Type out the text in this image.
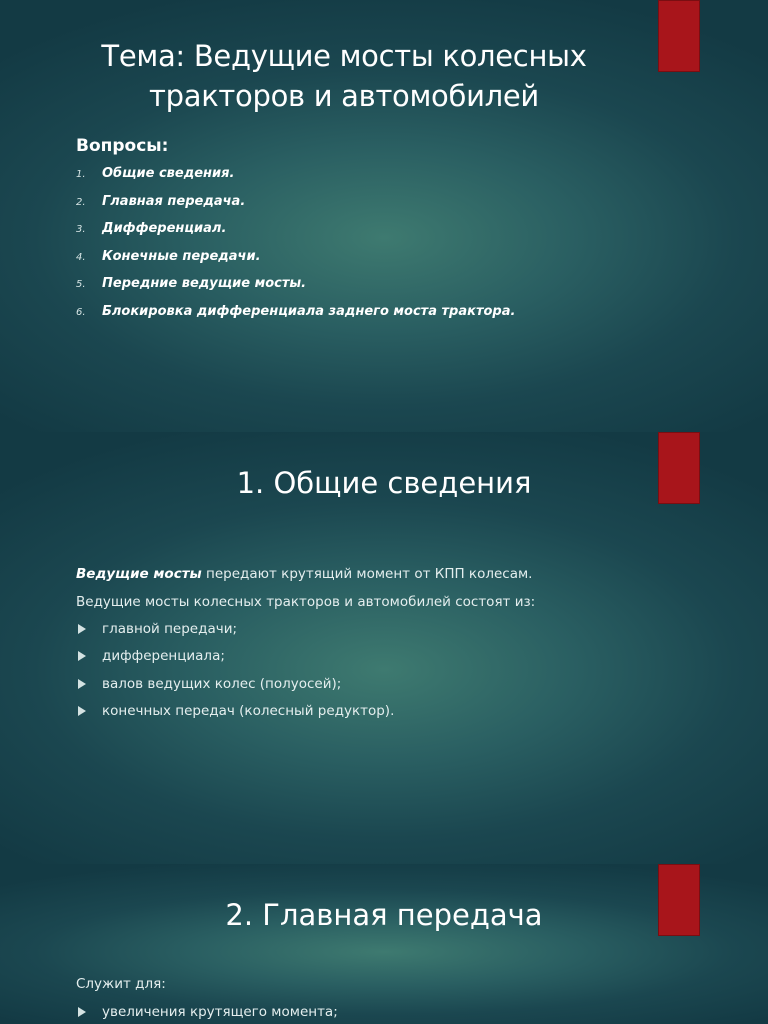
Тема: Ведущие мосты колесных
тракторов и автомобилей
Вопросы:
1.	Общие сведения.
2.	Главная передача.
3.	Дифференциал.
4.	Конечные передачи.
5.	Передние ведущие мосты.
6.	Блокировка дифференциала заднего моста трактора.
1. Общие сведения
Ведущие мосты передают крутящий момент от КПП колесам.
Ведущие мосты колесных тракторов и автомобилей состоят из:
главной передачи;
дифференциала;
валов ведущих колес (полуосей);
конечных передач (колесный редуктор).
2. Главная передача
Служит для:
увеличения крутящего момента;
